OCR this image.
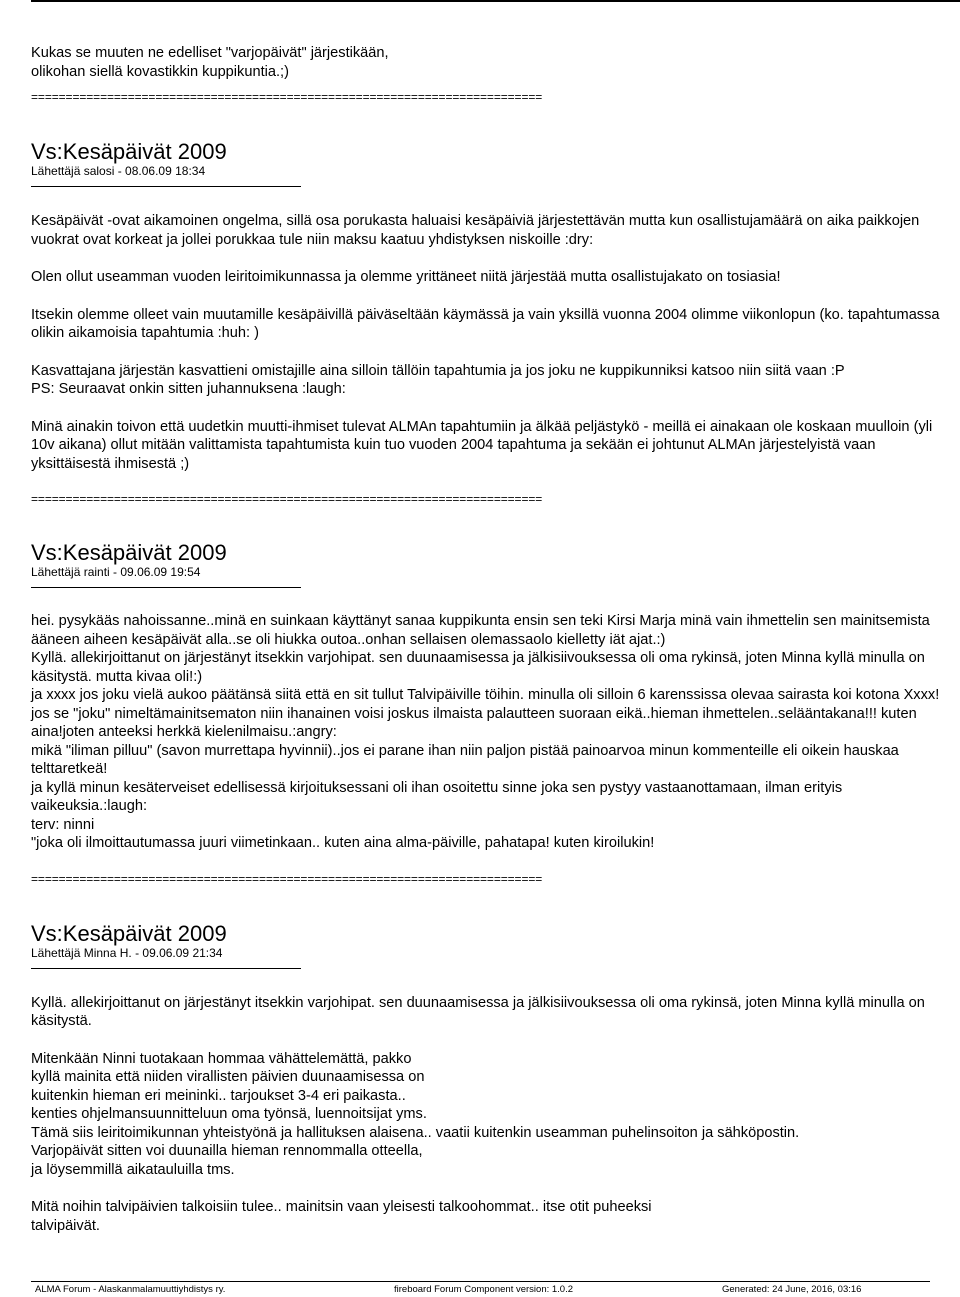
Kukas se muuten ne edelliset "varjopäivät" järjestikään,

olikohan siellä kovastikkin kuppikuntia.;)

==========================================================================

Vs:Kesäpäivät 2009

Lähettäjä salosi - 08.06.09 18:34

Kesäpäivät -ovat aikamoinen ongelma, sillä osa porukasta haluaisi kesäpäiviä järjestettävän mutta kun osallistujamäärä on aika paikkojen vuokrat ovat korkeat ja jollei porukkaa tule niin maksu kaatuu yhdistyksen niskoille :dry:

Olen ollut useamman vuoden leiritoimikunnassa ja olemme yrittäneet niitä järjestää mutta osallistujakato on tosiasia!

Itsekin olemme olleet vain muutamille kesäpäivillä päiväseltään käymässä ja vain yksillä vuonna 2004 olimme viikonlopun (ko. tapahtumassa olikin aikamoisia tapahtumia :huh: )

Kasvattajana järjestän kasvattieni omistajille aina silloin tällöin tapahtumia ja jos joku ne kuppikunniksi katsoo niin siitä vaan :P
PS: Seuraavat onkin sitten juhannuksena :laugh:

Minä ainakin toivon että uudetkin muutti-ihmiset tulevat ALMAn tapahtumiin ja älkää peljästykö - meillä ei ainakaan ole koskaan muulloin (yli 10v aikana) ollut mitään valittamista tapahtumista kuin tuo vuoden 2004 tapahtuma ja sekään ei johtunut ALMAn järjestelyistä vaan yksittäisestä ihmisestä ;)

==========================================================================

Vs:Kesäpäivät 2009

Lähettäjä rainti - 09.06.09 19:54

hei. pysykääs nahoissanne..minä en suinkaan käyttänyt sanaa kuppikunta ensin sen teki Kirsi Marja minä vain ihmettelin sen mainitsemista ääneen aiheen kesäpäivät alla..se oli hiukka outoa..onhan sellaisen olemassaolo kielletty iät ajat.:)
Kyllä. allekirjoittanut on järjestänyt itsekkin varjohipat. sen duunaamisessa ja jälkisiivouksessa oli oma rykinsä, joten Minna kyllä minulla on käsitystä. mutta kivaa oli!:)
ja xxxx jos joku vielä aukoo päätänsä siitä että en sit tullut Talvipäiville töihin. minulla oli silloin 6 karenssissa olevaa sairasta koi kotona Xxxx! jos se "joku" nimeltämainitsematon niin ihanainen voisi joskus ilmaista palautteen suoraan eikä..hieman ihmettelen..selääntakana!!! kuten aina!joten anteeksi herkkä kielenilmaisu.:angry:
mikä "iliman pilluu" (savon murrettapa hyvinnii)..jos ei parane ihan niin paljon pistää painoarvoa minun kommenteille eli oikein hauskaa telttaretkeä!
ja kyllä minun kesäterveiset edellisessä kirjoituksessani oli ihan osoitettu sinne joka sen pystyy vastaanottamaan, ilman erityis vaikeuksia.:laugh:
terv: ninni
"joka oli ilmoittautumassa juuri viimetinkaan.. kuten aina alma-päiville, pahatapa! kuten kiroilukin!

==========================================================================

Vs:Kesäpäivät 2009

Lähettäjä Minna H. - 09.06.09 21:34

Kyllä. allekirjoittanut on järjestänyt itsekkin varjohipat. sen duunaamisessa ja jälkisiivouksessa oli oma rykinsä, joten Minna kyllä minulla on käsitystä.

Mitenkään Ninni tuotakaan hommaa vähättelemättä, pakko
kyllä mainita että niiden virallisten päivien duunaamisessa on
kuitenkin hieman eri meininki.. tarjoukset 3-4 eri paikasta..
kenties ohjelmansuunnitteluun oma työnsä, luennoitsijat yms.
Tämä siis leiritoimikunnan yhteistyönä ja hallituksen alaisena.. vaatii kuitenkin useamman puhelinsoiton ja sähköpostin.
Varjopäivät sitten voi duunailla hieman rennommalla otteella,
ja löysemmillä aikatauluilla tms.

Mitä noihin talvipäivien talkoisiin tulee.. mainitsin vaan yleisesti talkoohommat.. itse otit puheeksi
talvipäivät.

ALMA Forum - Alaskanmalamuuttiyhdistys ry.	fireboard Forum Component version: 1.0.2	Generated: 24 June, 2016, 03:16
